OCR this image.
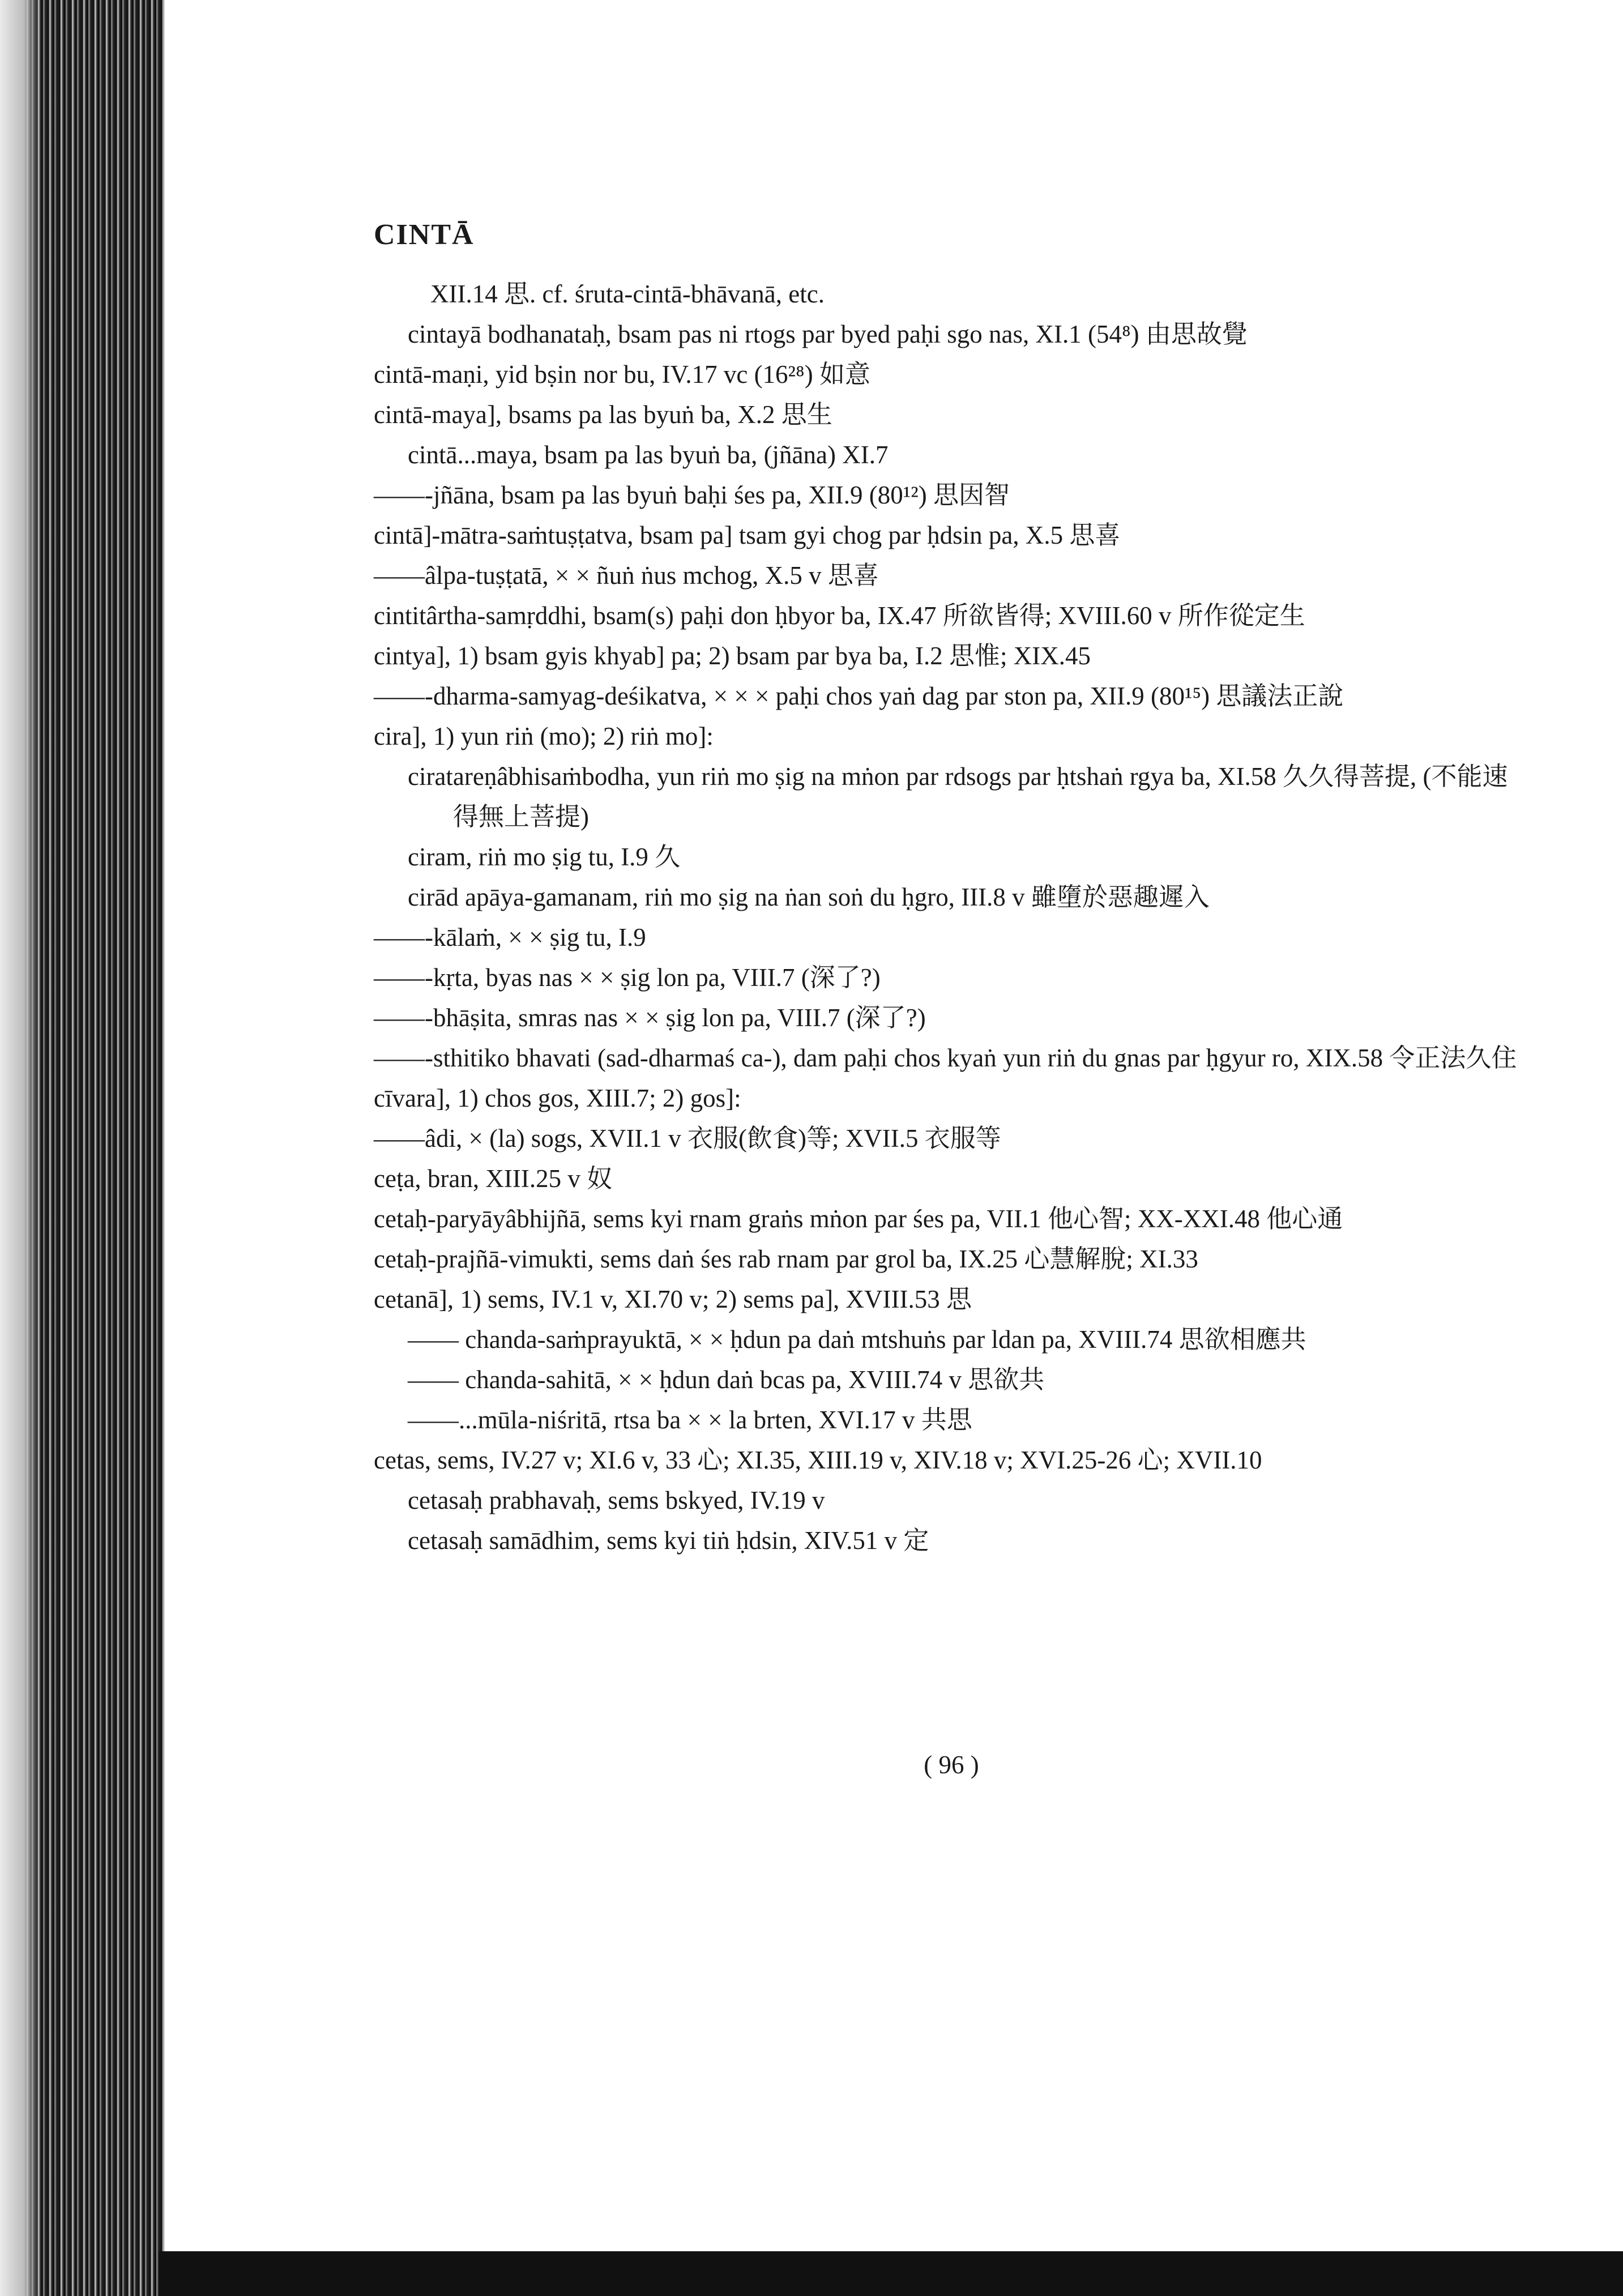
CINTĀ
XII.14 思. cf. śruta-cintā-bhāvanā, etc.
cintayā bodhanataḥ, bsam pas ni rtogs par byed paḥi sgo nas, XI.1 (54⁸) 由思故覺
cintā-maṇi, yid bṣin nor bu, IV.17 vc (16²⁸) 如意
cintā-maya], bsams pa las byuṅ ba, X.2 思生
cintā...maya, bsam pa las byuṅ ba, (jñāna) XI.7
——-jñāna, bsam pa las byuṅ baḥi śes pa, XII.9 (80¹²) 思因智
cintā]-mātra-saṁtuṣṭatva, bsam pa] tsam gyi chog par ḥdsin pa, X.5 思喜
——âlpa-tuṣṭatā, × × ñuṅ ṅus mchog, X.5 v 思喜
cintitârtha-samṛddhi, bsam(s) paḥi don ḥbyor ba, IX.47 所欲皆得; XVIII.60 v 所作從定生
cintya], 1) bsam gyis khyab] pa; 2) bsam par bya ba, I.2 思惟; XIX.45
——-dharma-samyag-deśikatva, × × × paḥi chos yaṅ dag par ston pa, XII.9 (80¹⁵) 思議法正說
cira], 1) yun riṅ (mo); 2) riṅ mo]:
ciratareṇâbhisaṁbodha, yun riṅ mo ṣig na mṅon par rdsogs par ḥtshaṅ rgya ba, XI.58 久久得菩提, (不能速得無上菩提)
ciram, riṅ mo ṣig tu, I.9 久
cirād apāya-gamanam, riṅ mo ṣig na ṅan soṅ du ḥgro, III.8 v 雖墮於惡趣遲入
——-kālaṁ, × × ṣig tu, I.9
——-kṛta, byas nas × × ṣig lon pa, VIII.7 (深了?)
——-bhāṣita, smras nas × × ṣig lon pa, VIII.7 (深了?)
——-sthitiko bhavati (sad-dharmaś ca-), dam paḥi chos kyaṅ yun riṅ du gnas par ḥgyur ro, XIX.58 令正法久住
cīvara], 1) chos gos, XIII.7; 2) gos]:
——âdi, × (la) sogs, XVII.1 v 衣服(飲食)等; XVII.5 衣服等
ceṭa, bran, XIII.25 v 奴
cetaḥ-paryāyâbhijñā, sems kyi rnam graṅs mṅon par śes pa, VII.1 他心智; XX-XXI.48 他心通
cetaḥ-prajñā-vimukti, sems daṅ śes rab rnam par grol ba, IX.25 心慧解脫; XI.33
cetanā], 1) sems, IV.1 v, XI.70 v; 2) sems pa], XVIII.53 思
—— chanda-saṁprayuktā, × × ḥdun pa daṅ mtshuṅs par ldan pa, XVIII.74 思欲相應共
—— chanda-sahitā, × × ḥdun daṅ bcas pa, XVIII.74 v 思欲共
——...mūla-niśritā, rtsa ba × × la brten, XVI.17 v 共思
cetas, sems, IV.27 v; XI.6 v, 33 心; XI.35, XIII.19 v, XIV.18 v; XVI.25-26 心; XVII.10
cetasaḥ prabhavaḥ, sems bskyed, IV.19 v
cetasaḥ samādhim, sems kyi tiṅ ḥdsin, XIV.51 v 定
( 96 )
